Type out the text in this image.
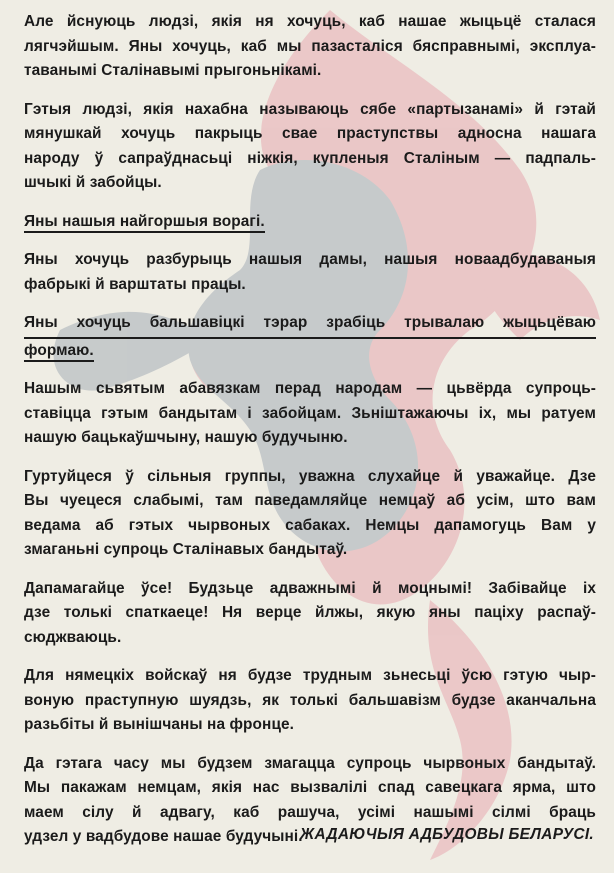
Але йснуюць людзі, якія ня хочуць, каб нашае жыцьцё сталася
лягчэйшым. Яны хочуць, каб мы пазасталіся бясправнымі, эксплуа-
таванымі Сталінавымі прыгоньнікамі.

Гэтыя людзі, якія нахабна называюць сябе «партызанамі» й гэтай
мянушкай хочуць пакрыць свае праступствы адносна нашага
народу ў сапраўднасьці ніжкія, купленыя Сталіным — падпаль-
шчыкі й забойцы.

Яны нашыя найгоршыя ворагі.

Яны хочуць разбурыць нашыя дамы, нашыя новаадбудаваныя
фабрыкі й варштаты працы.

Яны хочуць бальшавіцкі тэрар зрабіць трывалаю жыцьцёваю
формаю.

Нашым сьвятым абавязкам перад народам — цьвёрда супроць-
ставіцца гэтым бандытам і забойцам. Зьніштажаючы іх, мы ратуем
нашую бацькаўшчыну, нашую будучыню.

Гуртуйцеся ў сільныя группы, уважна слухайце й уважайце. Дзе
Вы чуецеся слабымі, там паведамляйце немцаў аб усім, што вам
ведама аб гэтых чырвоных сабаках. Немцы дапамогуць Вам у
змаганьні супроць Сталінавых бандытаў.

Дапамагайце ўсе! Будзьце адважнымі й моцнымі! Забівайце іх
дзе толькі спаткаеце! Ня верце йлжы, якую яны паціху распаў-
сюджваюць.

Для нямецкіх войскаў ня будзе трудным зьнесьці ўсю гэтую чыр-
воную праступную шуядзь, як толькі бальшавізм будзе аканчальна
разьбіты й вынішчаны на фронце.

Да гэтага часу мы будзем змагацца супроць чырвоных бандытаў.
Мы пакажам немцам, якія нас вызвалілі спад савецкага ярма, што
маем сілу й адвагу, каб рашуча, усімі нашымі сілмі браць
удзел у вадбудове нашае будучыні.

ЖАДАЮЧЫЯ АДБУДОВЫ БЕЛАРУСІ.
